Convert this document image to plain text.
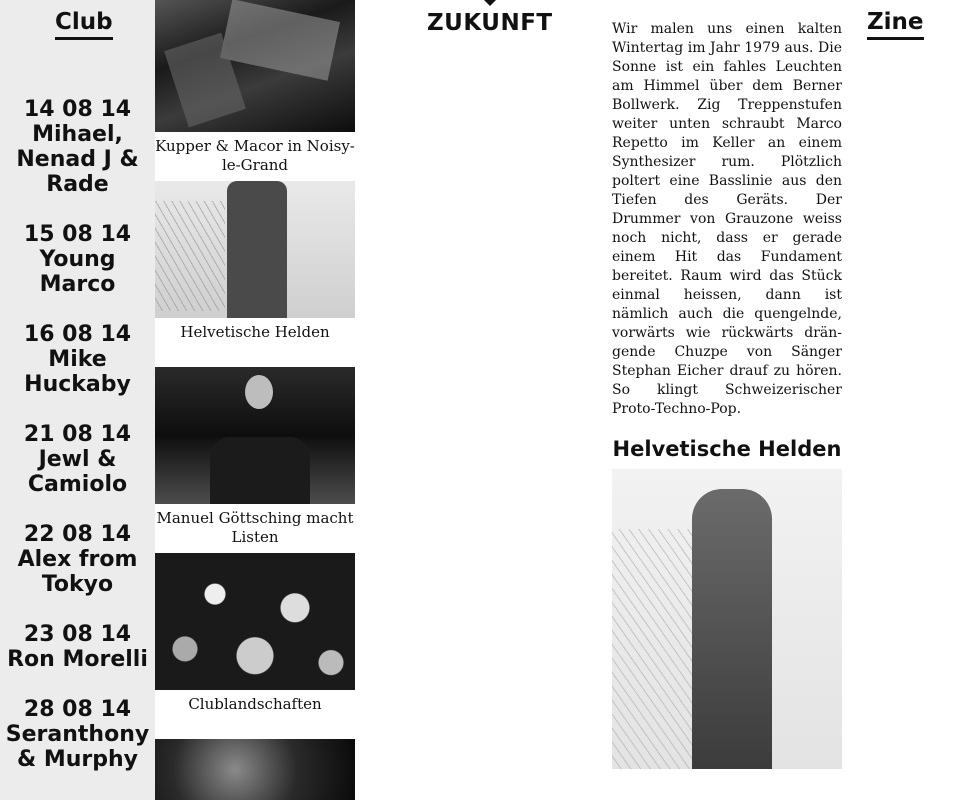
Club
14 08 14
Mihael, Nenad J & Rade
15 08 14
Young Marco
16 08 14
Mike Huckaby
21 08 14
Jewl & Camiolo
22 08 14
Alex from Tokyo
23 08 14
Ron Morelli
28 08 14
Seranthony & Murphy
Kupper & Macor in Noisy-le-Grand
Helvetische Helden
Manuel Göttsching macht Listen
Clublandschaften
ZUKUNFT	Wir malen uns einen kalten Wintertag im Jahr 1979 aus. Die Sonne ist ein fahles Leuchten am Himmel über dem Berner Bollwerk. Zig Treppenstufen weiter unten schraubt Marco Repetto im Keller an einem Synthesizer rum. Plötzlich poltert eine Basslinie aus den Tiefen des Geräts. Der Drummer von Grauzone weiss noch nicht, dass er gerade einem Hit das Fundament bereitet. Raum wird das Stück einmal heissen, dann ist nämlich auch die quengelnde, vorwärts wie rückwärts drängende Chuzpe von Sänger Stephan Eicher drauf zu hören. So klingt Schweizerischer Proto-Techno-Pop.

Helvetische Helden
Zine
